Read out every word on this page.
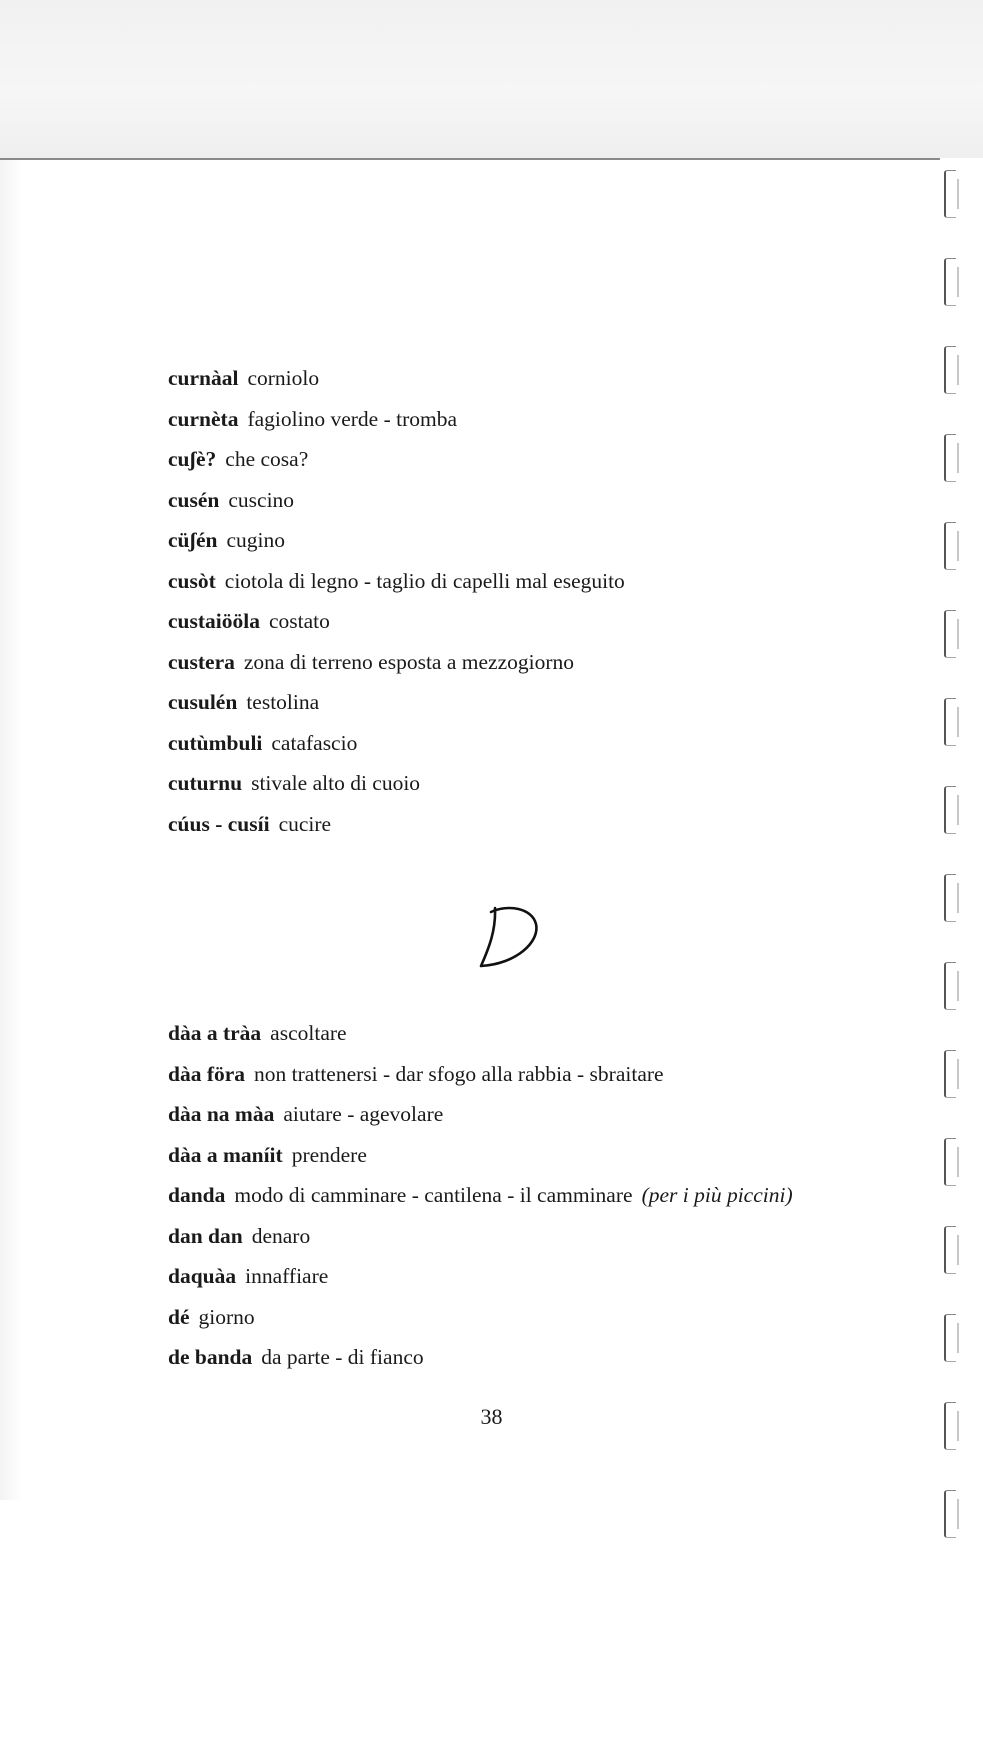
curnàal corniolo
curnèta fagiolino verde - tromba
cuʃè? che cosa?
cusén cuscino
cüʃén cugino
cusòt ciotola di legno - taglio di capelli mal eseguito
custaiööla costato
custera zona di terreno esposta a mezzogiorno
cusulén testolina
cutùmbuli catafascio
cuturnu stivale alto di cuoio
cúus - cusíi cucire
dàa a tràa ascoltare
dàa föra non trattenersi - dar sfogo alla rabbia - sbraitare
dàa na màa aiutare - agevolare
dàa a maníit prendere
danda modo di camminare - cantilena - il camminare (per i più piccini)
dan dan denaro
daquàa innaffiare
dé giorno
de banda da parte - di fianco
38
